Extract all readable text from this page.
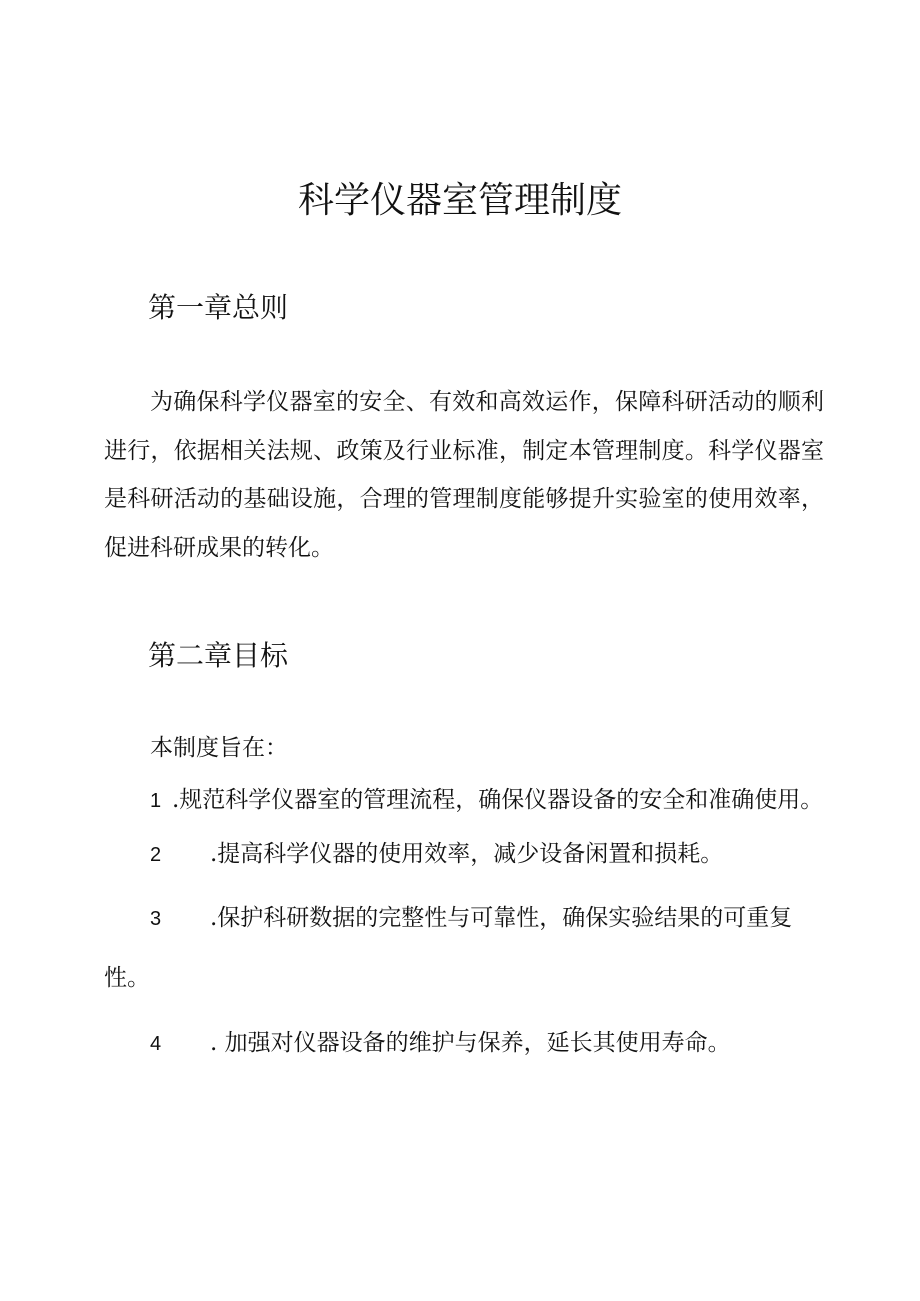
科学仪器室管理制度
第一章总则

为确保科学仪器室的安全、有效和高效运作，保障科研活动的顺利进行，依据相关法规、政策及行业标准，制定本管理制度。科学仪器室是科研活动的基础设施，合理的管理制度能够提升实验室的使用效率，促进科研成果的转化。

第二章目标

本制度旨在：

1 .规范科学仪器室的管理流程，确保仪器设备的安全和准确使用。

2 .提高科学仪器的使用效率，减少设备闲置和损耗。

3 .保护科研数据的完整性与可靠性，确保实验结果的可重复

性。

4 . 加强对仪器设备的维护与保养，延长其使用寿命。
